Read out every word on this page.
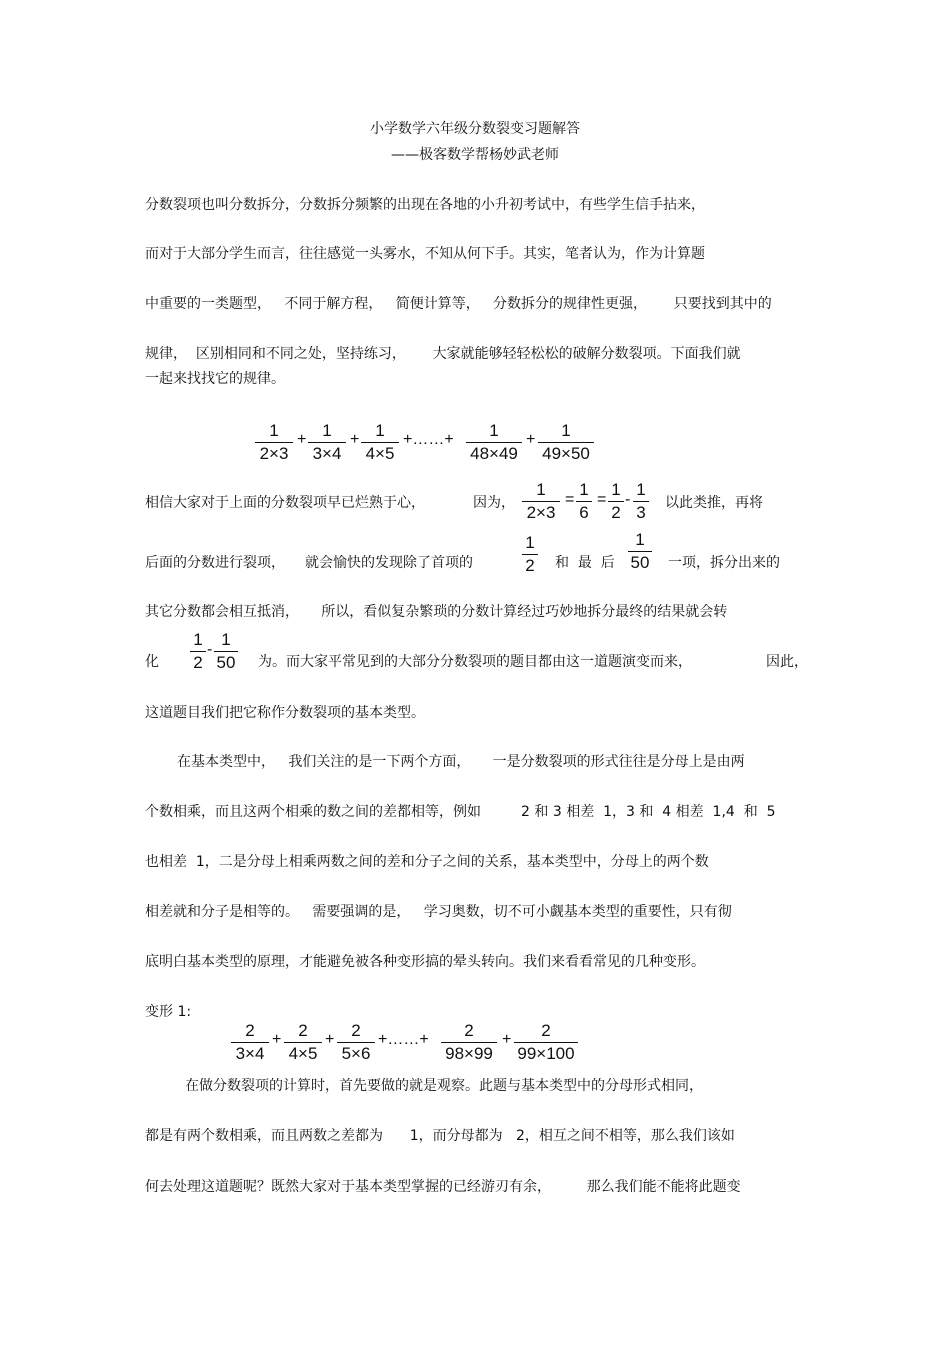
小学数学六年级分数裂变习题解答
——极客数学帮杨妙武老师
分数裂项也叫分数拆分，分数拆分频繁的出现在各地的小升初考试中，有些学生信手拈来，
而对于大部分学生而言，往往感觉一头雾水，不知从何下手。其实，笔者认为，作为计算题
中重要的一类题型，   不同于解方程，   简便计算等，   分数拆分的规律性更强，      只要找到其中的
规律，  区别相同和不同之处，坚持练习，      大家就能够轻轻松松的破解分数裂项。下面我们就
一起来找找它的规律。
1
2×3
+ 1
3×4
+ 1
4×5
+……+ 1
48×49
+ 1
49×50
相信大家对于上面的分数裂项早已烂熟于心，	因为，
1
2×3
=
1
6
=
1
2
-
1
3 以此类推，再将
后面的分数进行裂项， 就会愉快的发现除了首项的
1
2 和  最  后
1
50 一项，拆分出来的
其它分数都会相互抵消，     所以，看似复杂繁琐的分数计算经过巧妙地拆分最终的结果就会转
化
1
2
-
1
50 为。而大家平常见到的大部分分数裂项的题目都由这一道题演变而来，	因此，
这道题目我们把它称作分数裂项的基本类型。
在基本类型中，   我们关注的是一下两个方面，     一是分数裂项的形式往往是分母上是由两
个数相乘，而且这两个相乘的数之间的差都相等，例如         2 和 3 相差  1，3 和  4 相差  1,4  和  5
也相差  1，二是分母上相乘两数之间的差和分子之间的关系，基本类型中，分母上的两个数
相差就和分子是相等的。   需要强调的是，   学习奥数，切不可小觑基本类型的重要性，只有彻
底明白基本类型的原理，才能避免被各种变形搞的晕头转向。我们来看看常见的几种变形。
变形 1:
2
3×4
+ 2
4×5
+ 2
5×6
+……+ 2
98×99
+ 2
99×100
在做分数裂项的计算时，首先要做的就是观察。此题与基本类型中的分母形式相同，
都是有两个数相乘，而且两数之差都为      1，而分母都为   2，相互之间不相等，那么我们该如
何去处理这道题呢？既然大家对于基本类型掌握的已经游刃有余，        那么我们能不能将此题变
